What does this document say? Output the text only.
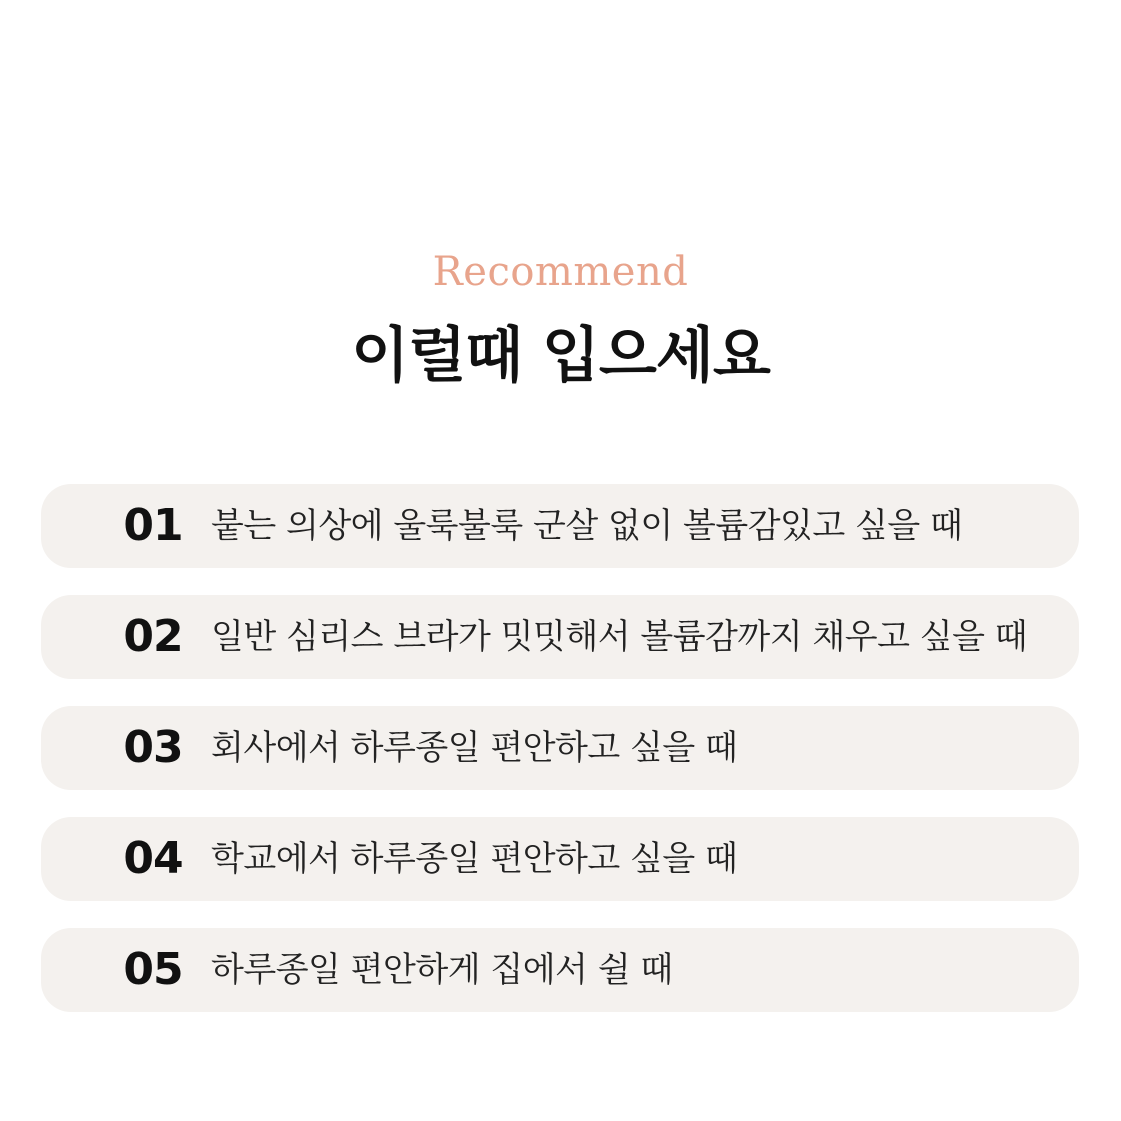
Recommend
이럴때 입으세요
01 붙는 의상에 울룩불룩 군살 없이 볼륨감있고 싶을 때
02 일반 심리스 브라가 밋밋해서 볼륨감까지 채우고 싶을 때
03 회사에서 하루종일 편안하고 싶을 때
04 학교에서 하루종일 편안하고 싶을 때
05 하루종일 편안하게 집에서 쉴 때
